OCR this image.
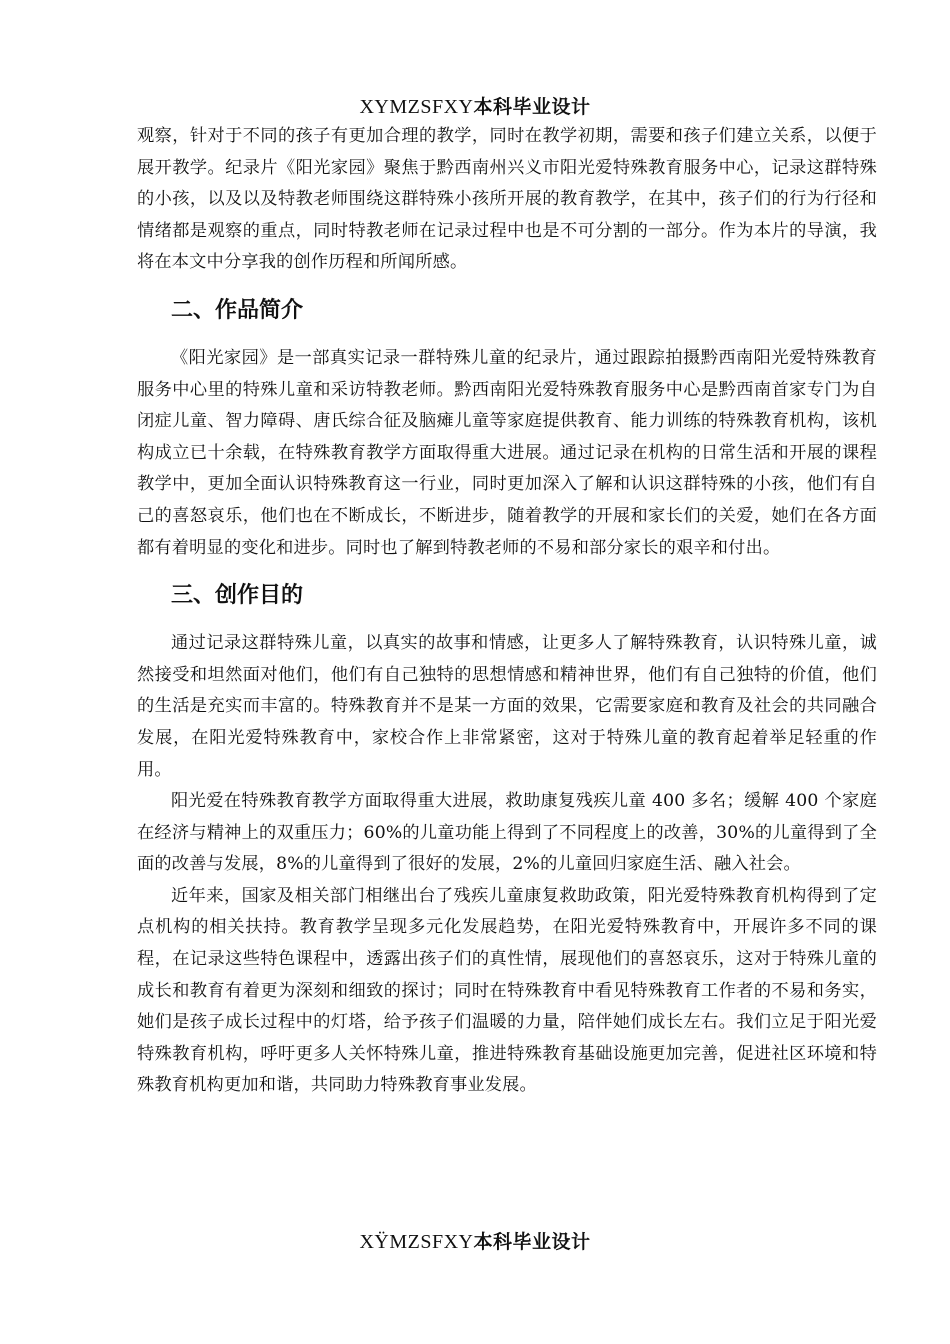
XYMZSFXY本科毕业设计

观察，针对于不同的孩子有更加合理的教学，同时在教学初期，需要和孩子们建立关系，以便于展开教学。纪录片《阳光家园》聚焦于黔西南州兴义市阳光爱特殊教育服务中心，记录这群特殊的小孩，以及以及特教老师围绕这群特殊小孩所开展的教育教学，在其中，孩子们的行为行径和情绪都是观察的重点，同时特教老师在记录过程中也是不可分割的一部分。作为本片的导演，我将在本文中分享我的创作历程和所闻所感。

二、作品简介

《阳光家园》是一部真实记录一群特殊儿童的纪录片，通过跟踪拍摄黔西南阳光爱特殊教育服务中心里的特殊儿童和采访特教老师。黔西南阳光爱特殊教育服务中心是黔西南首家专门为自闭症儿童、智力障碍、唐氏综合征及脑瘫儿童等家庭提供教育、能力训练的特殊教育机构，该机构成立已十余载，在特殊教育教学方面取得重大进展。通过记录在机构的日常生活和开展的课程教学中，更加全面认识特殊教育这一行业，同时更加深入了解和认识这群特殊的小孩，他们有自己的喜怒哀乐，他们也在不断成长，不断进步，随着教学的开展和家长们的关爱，她们在各方面都有着明显的变化和进步。同时也了解到特教老师的不易和部分家长的艰辛和付出。

三、创作目的

通过记录这群特殊儿童，以真实的故事和情感，让更多人了解特殊教育，认识特殊儿童，诚然接受和坦然面对他们，他们有自己独特的思想情感和精神世界，他们有自己独特的价值，他们的生活是充实而丰富的。特殊教育并不是某一方面的效果，它需要家庭和教育及社会的共同融合发展，在阳光爱特殊教育中，家校合作上非常紧密，这对于特殊儿童的教育起着举足轻重的作用。

阳光爱在特殊教育教学方面取得重大进展，救助康复残疾儿童 400 多名；缓解 400 个家庭在经济与精神上的双重压力；60%的儿童功能上得到了不同程度上的改善，30%的儿童得到了全面的改善与发展，8%的儿童得到了很好的发展，2%的儿童回归家庭生活、融入社会。

近年来，国家及相关部门相继出台了残疾儿童康复救助政策，阳光爱特殊教育机构得到了定点机构的相关扶持。教育教学呈现多元化发展趋势，在阳光爱特殊教育中，开展许多不同的课程，在记录这些特色课程中，透露出孩子们的真性情，展现他们的喜怒哀乐，这对于特殊儿童的成长和教育有着更为深刻和细致的探讨；同时在特殊教育中看见特殊教育工作者的不易和务实，她们是孩子成长过程中的灯塔，给予孩子们温暖的力量，陪伴她们成长左右。我们立足于阳光爱特殊教育机构，呼吁更多人关怀特殊儿童，推进特殊教育基础设施更加完善，促进社区环境和特殊教育机构更加和谐，共同助力特殊教育事业发展。

XŸMZSFXY本科毕业设计
